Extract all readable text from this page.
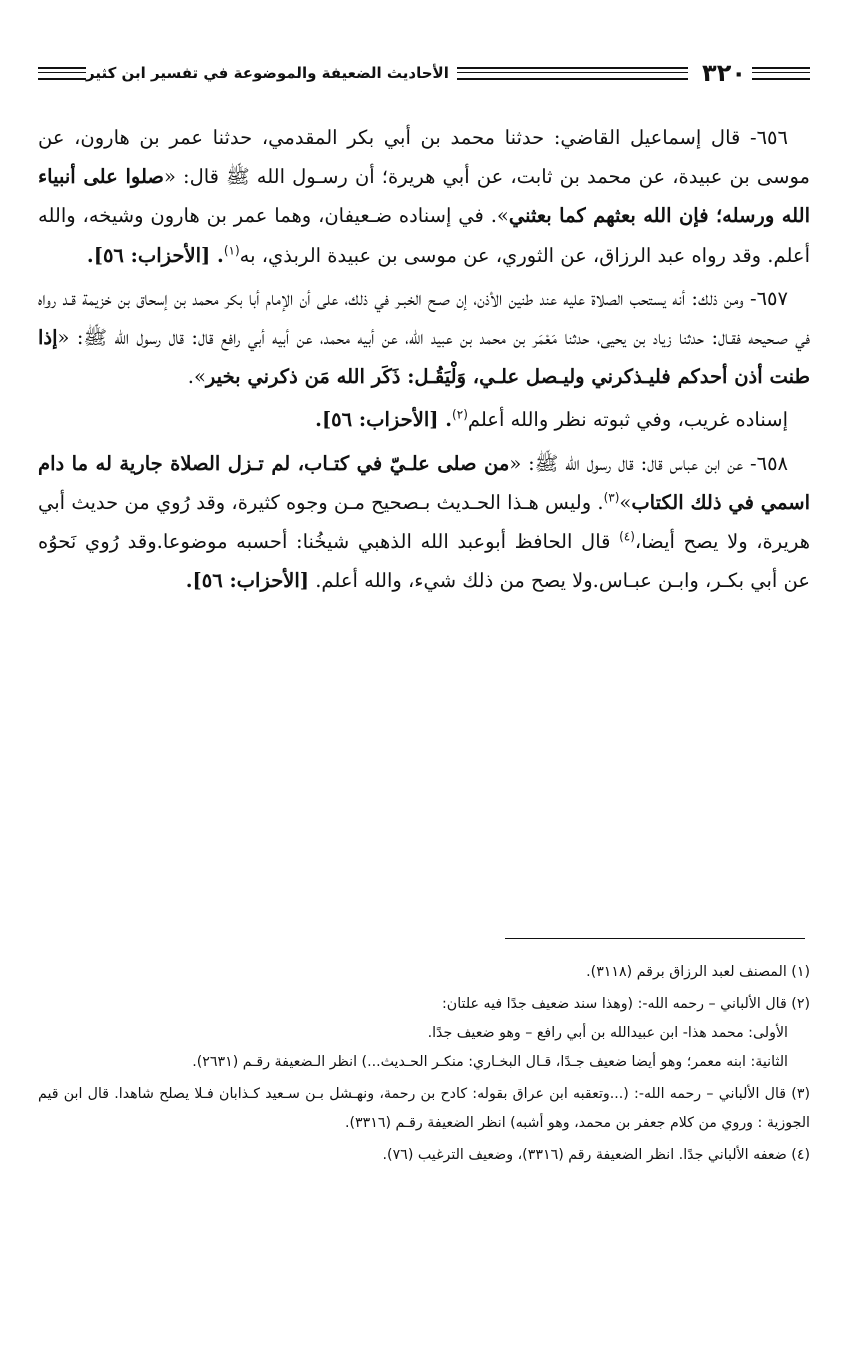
٣٢٠
الأحاديث الضعيفة والموضوعة في تفسير ابن كثير

٦٥٦- قال إسماعيل القاضي: حدثنا محمد بن أبي بكر المقدمي، حدثنا عمر بن هارون، عن موسى بن عبيدة، عن محمد بن ثابت، عن أبي هريرة؛ أن رسـول الله ﷺ قال: «صلوا على أنبياء الله ورسله؛ فإن الله بعثهم كما بعثني». في إسناده ضـعيفان، وهما عمر بن هارون وشيخه، والله أعلم. وقد رواه عبد الرزاق، عن الثوري، عن موسى بن عبيدة الربذي، به$^{(١)}$. [الأحزاب: ٥٦].

٦٥٧- ومن ذلك: أنه يستحب الصلاة عليه عند طنين الأذن، إن صـح الخبـر في ذلك، على أن الإمام أبا بكر محمد بن إسحاق بن خزيمة قـد رواه في صـحيحه فقـال: حدثنا زياد بن يحيى، حدثنا مَعْمَر بن محمد بن عبيد الله، عن أبيه محمد، عن أبيه أبي رافع قال: قال رسول الله ﷺ: «إذا طنت أذن أحدكم فليـذكرني وليـصل علـي، وَلْيَقُـل: ذَكَر الله مَن ذكرني بخير».

إسناده غريب، وفي ثبوته نظر والله أعلم$^{(٢)}$. [الأحزاب: ٥٦].

٦٥٨- عن ابن عباس قال: قال رسول الله ﷺ: «من صلى علـيّ في كتـاب، لم تـزل الصلاة جارية له ما دام اسمي في ذلك الكتاب»$^{(٣)}$. وليس هـذا الحـديث بـصحيح مـن وجوه كثيرة، وقد رُوي من حديث أبي هريرة، ولا يصح أيضا،$^{(٤)}$ قال الحافظ أبوعبد الله الذهبي شيخُنا: أحسبه موضوعا.وقد رُوي نَحوُه عن أبي بكـر، وابـن عبـاس.ولا يصح من ذلك شيء، والله أعلم. [الأحزاب: ٥٦].

(١) المصنف لعبد الرزاق برقم (٣١١٨).

(٢) قال الألباني – رحمه الله-: (وهذا سند ضعيف جدًا فيه علتان:
الأولى: محمد هذا- ابن عبيدالله بن أبي رافع – وهو ضعيف جدًا.
الثانية: ابنه معمر؛ وهو أيضا ضعيف جـدًا، قـال البخـاري: منكـر الحـديث...) انظر الـضعيفة رقـم (٢٦٣١).

(٣) قال الألباني – رحمه الله-: (...وتعقبه ابن عراق بقوله: كادح بن رحمة، ونهـشل بـن سـعيد كـذابان فـلا يصلح شاهدا. قال ابن قيم الجوزية : وروي من كلام جعفر بن محمد، وهو أشبه) انظر الضعيفة رقـم (٣٣١٦).

(٤) ضعفه الألباني جدًا. انظر الضعيفة رقم (٣٣١٦)، وضعيف الترغيب (٧٦).
